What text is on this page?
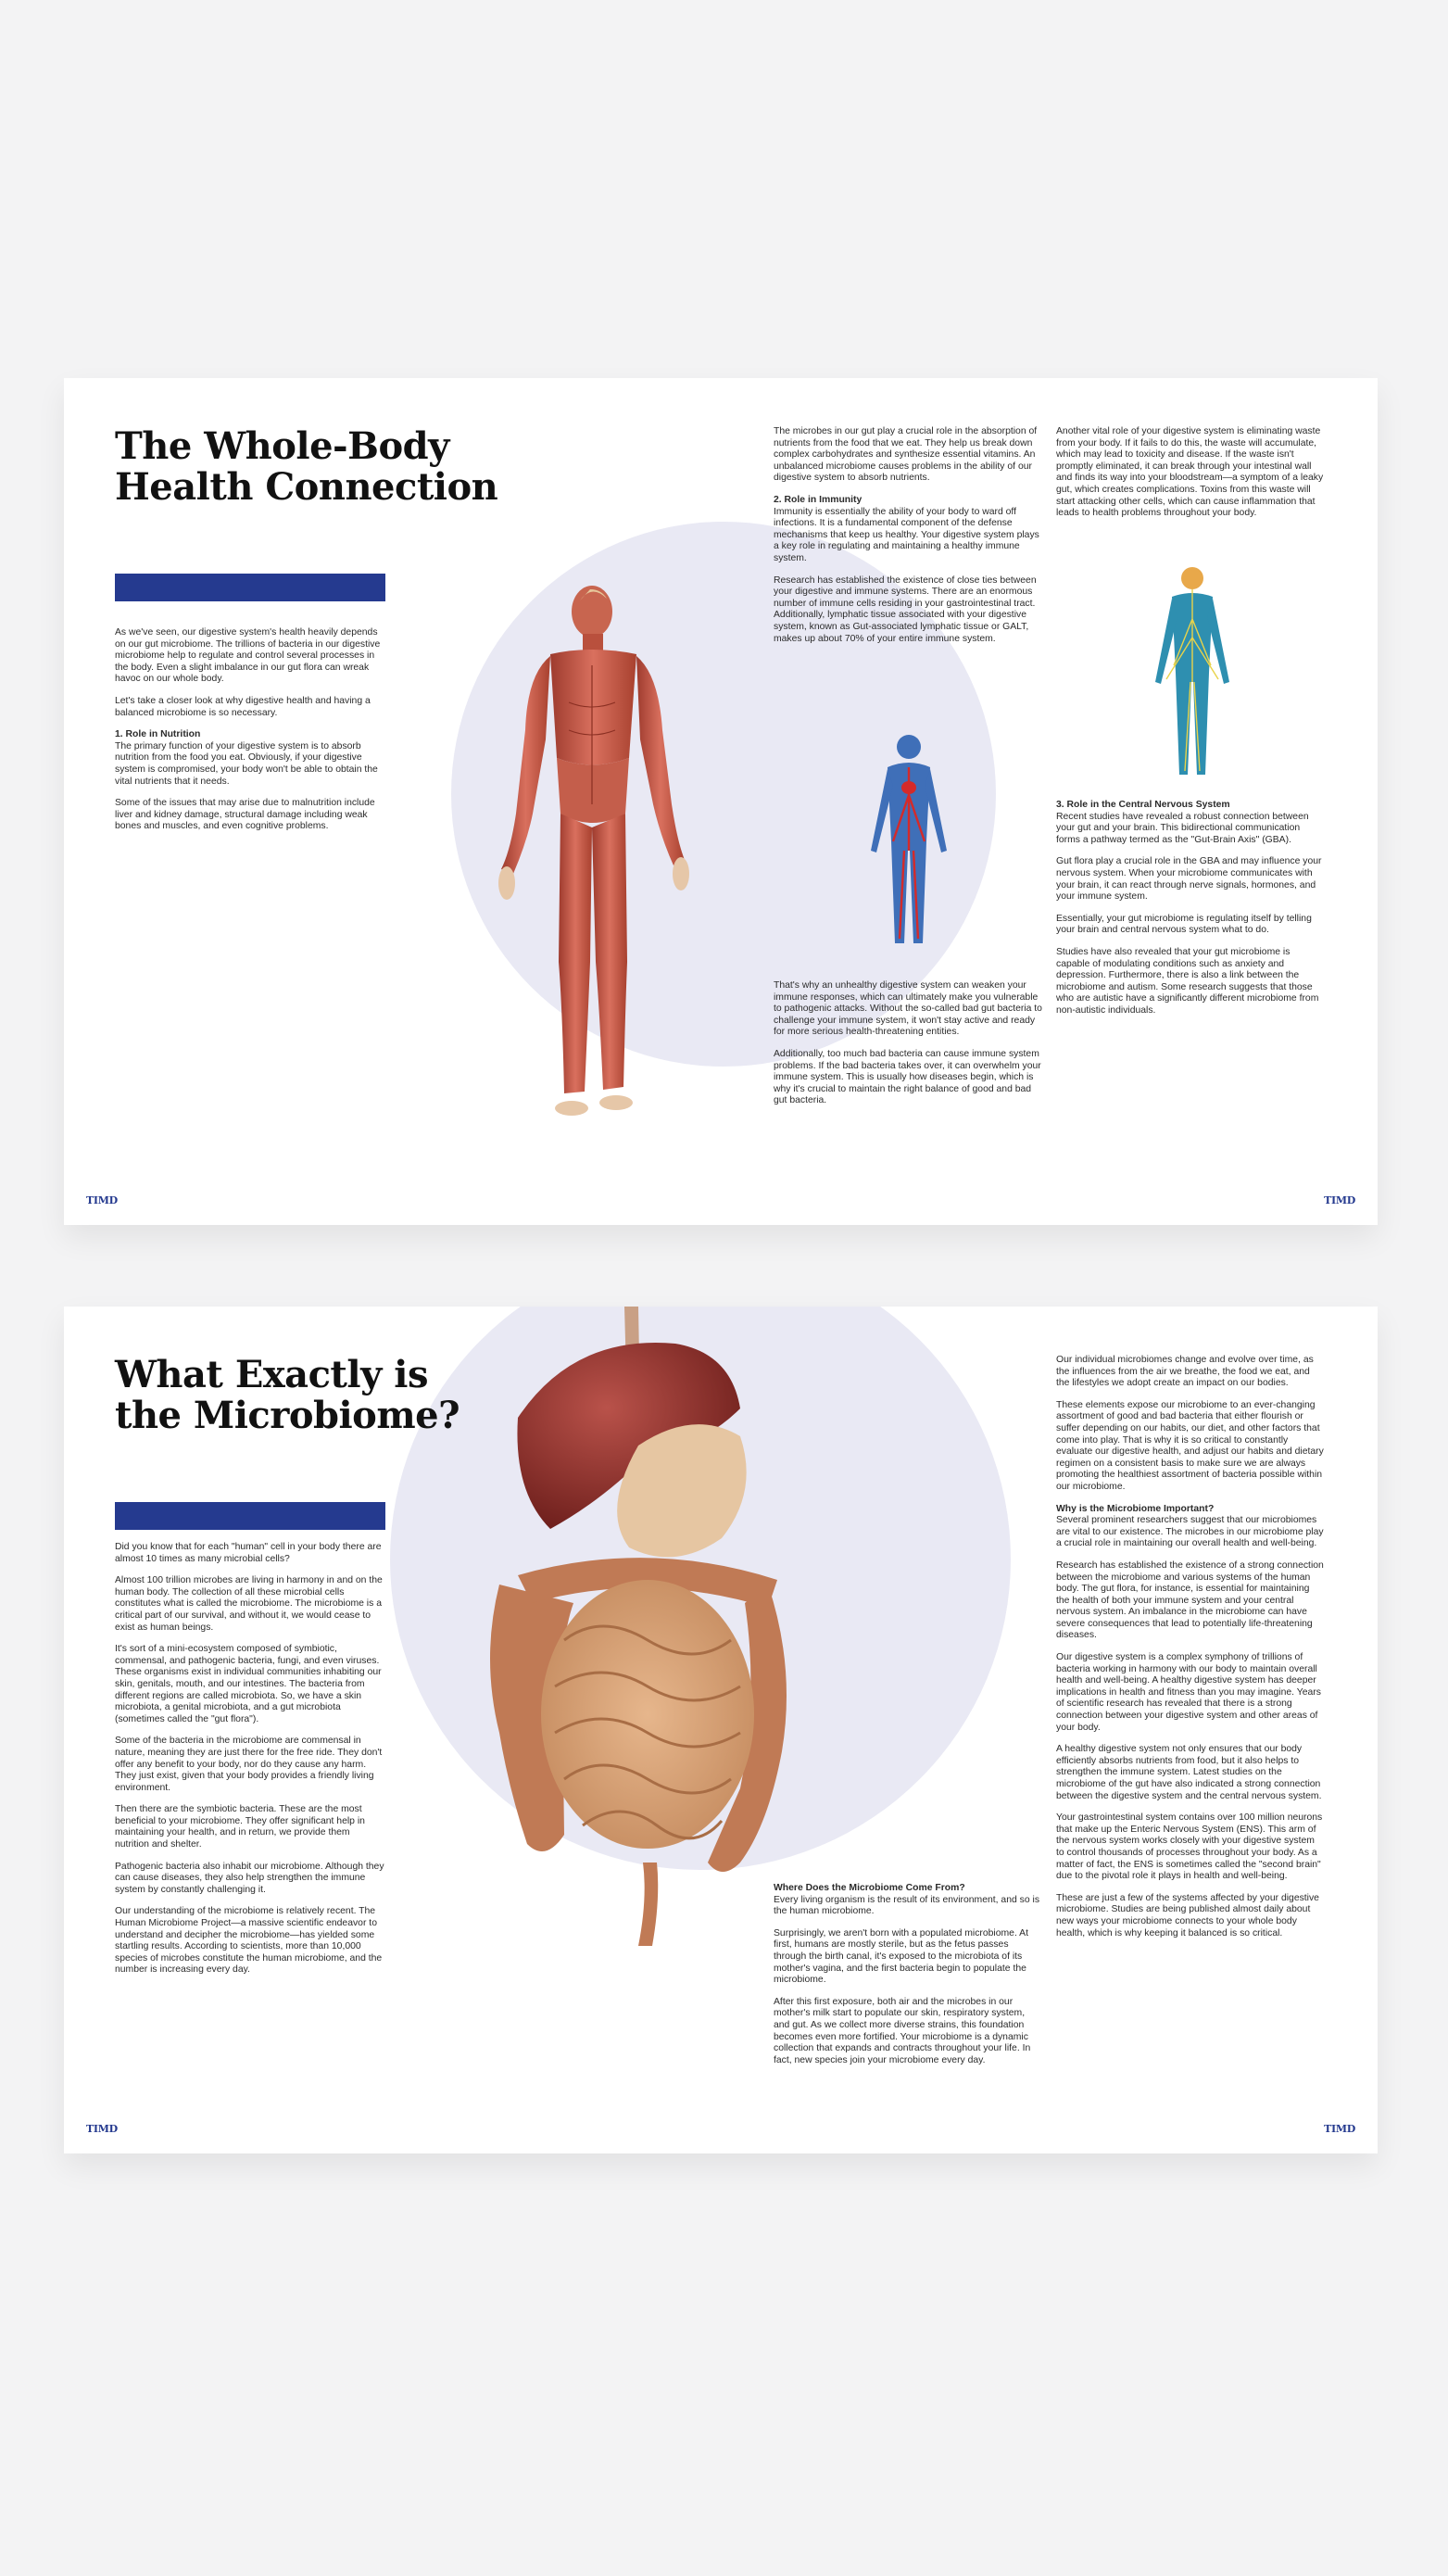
The Whole-Body
Health Connection

As we've seen, our digestive system's health heavily depends on our gut microbiome. The trillions of bacteria in our digestive microbiome help to regulate and control several processes in the body. Even a slight imbalance in our gut flora can wreak havoc on our whole body.

Let's take a closer look at why digestive health and having a balanced microbiome is so necessary.

1. Role in Nutrition
The primary function of your digestive system is to absorb nutrition from the food you eat. Obviously, if your digestive system is compromised, your body won't be able to obtain the vital nutrients that it needs.

Some of the issues that may arise due to malnutrition include liver and kidney damage, structural damage including weak bones and muscles, and even cognitive problems.

The microbes in our gut play a crucial role in the absorption of nutrients from the food that we eat. They help us break down complex carbohydrates and synthesize essential vitamins. An unbalanced microbiome causes problems in the ability of our digestive system to absorb nutrients.

2. Role in Immunity
Immunity is essentially the ability of your body to ward off infections. It is a fundamental component of the defense mechanisms that keep us healthy. Your digestive system plays a key role in regulating and maintaining a healthy immune system.

Research has established the existence of close ties between your digestive and immune systems. There are an enormous number of immune cells residing in your gastrointestinal tract. Additionally, lymphatic tissue associated with your digestive system, known as Gut-associated lymphatic tissue or GALT, makes up about 70% of your entire immune system.

That's why an unhealthy digestive system can weaken your immune responses, which can ultimately make you vulnerable to pathogenic attacks. Without the so-called bad gut bacteria to challenge your immune system, it won't stay active and ready for more serious health-threatening entities.

Additionally, too much bad bacteria can cause immune system problems. If the bad bacteria takes over, it can overwhelm your immune system. This is usually how diseases begin, which is why it's crucial to maintain the right balance of good and bad gut bacteria.

Another vital role of your digestive system is eliminating waste from your body. If it fails to do this, the waste will accumulate, which may lead to toxicity and disease. If the waste isn't promptly eliminated, it can break through your intestinal wall and finds its way into your bloodstream—a symptom of a leaky gut, which creates complications. Toxins from this waste will start attacking other cells, which can cause inflammation that leads to health problems throughout your body.

3. Role in the Central Nervous System
Recent studies have revealed a robust connection between your gut and your brain. This bidirectional communication forms a pathway termed as the "Gut-Brain Axis" (GBA).

Gut flora play a crucial role in the GBA and may influence your nervous system. When your microbiome communicates with your brain, it can react through nerve signals, hormones, and your immune system.

Essentially, your gut microbiome is regulating itself by telling your brain and central nervous system what to do.

Studies have also revealed that your gut microbiome is capable of modulating conditions such as anxiety and depression. Furthermore, there is also a link between the microbiome and autism. Some research suggests that those who are autistic have a significantly different microbiome from non-autistic individuals.

TIMD	TIMD
What Exactly is
the Microbiome?

Did you know that for each "human" cell in your body there are almost 10 times as many microbial cells?

Almost 100 trillion microbes are living in harmony in and on the human body. The collection of all these microbial cells constitutes what is called the microbiome. The microbiome is a critical part of our survival, and without it, we would cease to exist as human beings.

It's sort of a mini-ecosystem composed of symbiotic, commensal, and pathogenic bacteria, fungi, and even viruses. These organisms exist in individual communities inhabiting our skin, genitals, mouth, and our intestines. The bacteria from different regions are called microbiota. So, we have a skin microbiota, a genital microbiota, and a gut microbiota (sometimes called the "gut flora").

Some of the bacteria in the microbiome are commensal in nature, meaning they are just there for the free ride. They don't offer any benefit to your body, nor do they cause any harm. They just exist, given that your body provides a friendly living environment.

Then there are the symbiotic bacteria. These are the most beneficial to your microbiome. They offer significant help in maintaining your health, and in return, we provide them nutrition and shelter.

Pathogenic bacteria also inhabit our microbiome. Although they can cause diseases, they also help strengthen the immune system by constantly challenging it.

Our understanding of the microbiome is relatively recent. The Human Microbiome Project—a massive scientific endeavor to understand and decipher the microbiome—has yielded some startling results. According to scientists, more than 10,000 species of microbes constitute the human microbiome, and the number is increasing every day.

Where Does the Microbiome Come From?
Every living organism is the result of its environment, and so is the human microbiome.

Surprisingly, we aren't born with a populated microbiome. At first, humans are mostly sterile, but as the fetus passes through the birth canal, it's exposed to the microbiota of its mother's vagina, and the first bacteria begin to populate the microbiome.

After this first exposure, both air and the microbes in our mother's milk start to populate our skin, respiratory system, and gut. As we collect more diverse strains, this foundation becomes even more fortified. Your microbiome is a dynamic collection that expands and contracts throughout your life. In fact, new species join your microbiome every day.

Our individual microbiomes change and evolve over time, as the influences from the air we breathe, the food we eat, and the lifestyles we adopt create an impact on our bodies.

These elements expose our microbiome to an ever-changing assortment of good and bad bacteria that either flourish or suffer depending on our habits, our diet, and other factors that come into play. That is why it is so critical to constantly evaluate our digestive health, and adjust our habits and dietary regimen on a consistent basis to make sure we are always promoting the healthiest assortment of bacteria possible within our microbiome.

Why is the Microbiome Important?
Several prominent researchers suggest that our microbiomes are vital to our existence. The microbes in our microbiome play a crucial role in maintaining our overall health and well-being.

Research has established the existence of a strong connection between the microbiome and various systems of the human body. The gut flora, for instance, is essential for maintaining the health of both your immune system and your central nervous system. An imbalance in the microbiome can have severe consequences that lead to potentially life-threatening diseases.

Our digestive system is a complex symphony of trillions of bacteria working in harmony with our body to maintain overall health and well-being. A healthy digestive system has deeper implications in health and fitness than you may imagine. Years of scientific research has revealed that there is a strong connection between your digestive system and other areas of your body.

A healthy digestive system not only ensures that our body efficiently absorbs nutrients from food, but it also helps to strengthen the immune system. Latest studies on the microbiome of the gut have also indicated a strong connection between the digestive system and the central nervous system.

Your gastrointestinal system contains over 100 million neurons that make up the Enteric Nervous System (ENS). This arm of the nervous system works closely with your digestive system to control thousands of processes throughout your body. As a matter of fact, the ENS is sometimes called the "second brain" due to the pivotal role it plays in health and well-being.

These are just a few of the systems affected by your digestive microbiome. Studies are being published almost daily about new ways your microbiome connects to your whole body health, which is why keeping it balanced is so critical.

TIMD	TIMD
